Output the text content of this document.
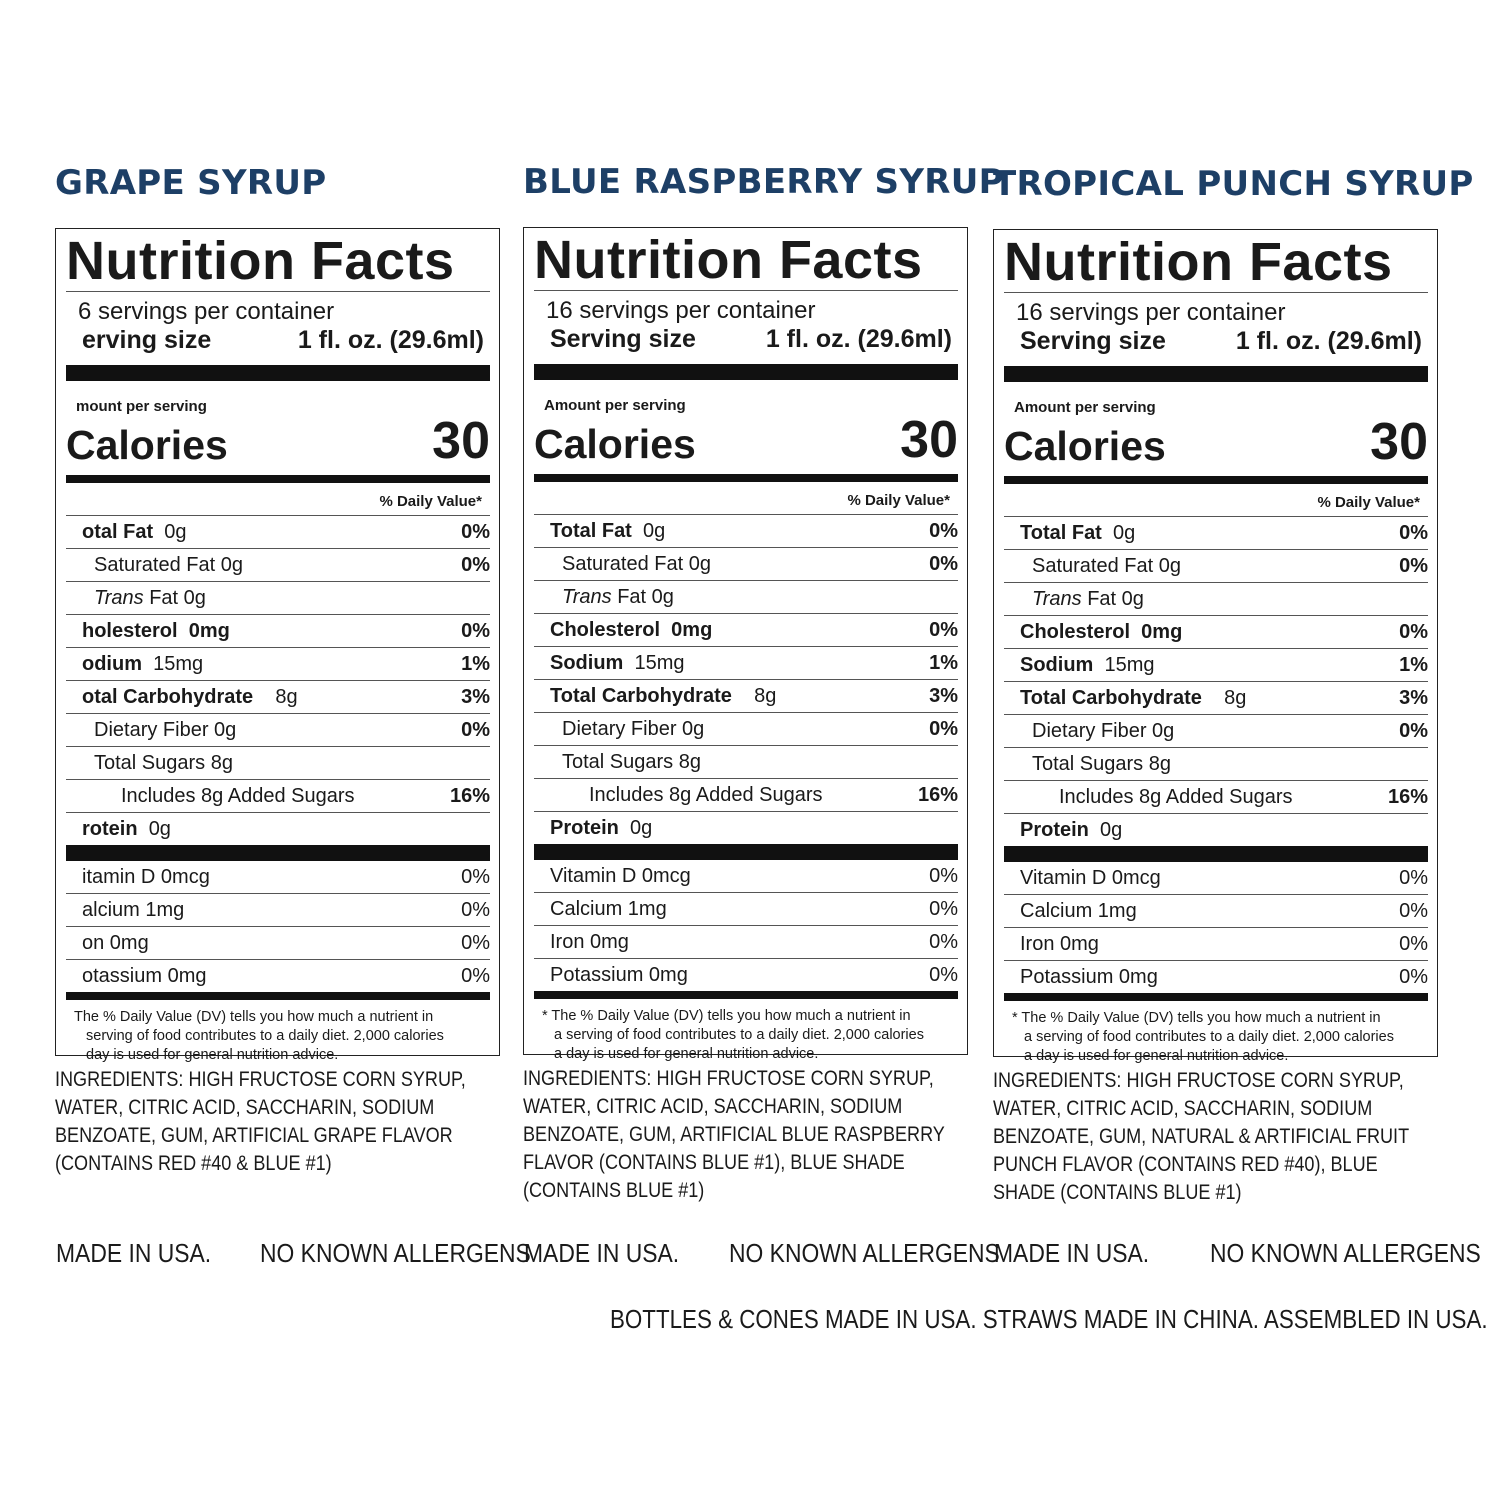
GRAPE SYRUP
Nutrition Facts
6 servings per container
erving size	1 fl. oz. (29.6ml)
mount per serving
Calories	30
% Daily Value*
otal Fat 0g	0%
Saturated Fat 0g	0%
Trans Fat 0g
holesterol 0mg	0%
odium 15mg	1%
otal Carbohydrate 8g	3%
Dietary Fiber 0g	0%
Total Sugars 8g
Includes 8g Added Sugars	16%
rotein 0g
itamin D 0mcg	0%
alcium 1mg	0%
on 0mg	0%
otassium 0mg	0%
The % Daily Value (DV) tells you how much a nutrient in
serving of food contributes to a daily diet. 2,000 calories
day is used for general nutrition advice.
INGREDIENTS: HIGH FRUCTOSE CORN SYRUP, WATER, CITRIC ACID, SACCHARIN, SODIUM BENZOATE, GUM, ARTIFICIAL GRAPE FLAVOR (CONTAINS RED #40 & BLUE #1)
BLUE RASPBERRY SYRUP
Nutrition Facts
16 servings per container
Serving size	1 fl. oz. (29.6ml)
Amount per serving
Calories	30
% Daily Value*
Total Fat 0g	0%
Saturated Fat 0g	0%
Trans Fat 0g
Cholesterol 0mg	0%
Sodium 15mg	1%
Total Carbohydrate 8g	3%
Dietary Fiber 0g	0%
Total Sugars 8g
Includes 8g Added Sugars	16%
Protein 0g
Vitamin D 0mcg	0%
Calcium 1mg	0%
Iron 0mg	0%
Potassium 0mg	0%
* The % Daily Value (DV) tells you how much a nutrient in
a serving of food contributes to a daily diet. 2,000 calories
a day is used for general nutrition advice.
INGREDIENTS: HIGH FRUCTOSE CORN SYRUP, WATER, CITRIC ACID, SACCHARIN, SODIUM BENZOATE, GUM, ARTIFICIAL BLUE RASPBERRY FLAVOR (CONTAINS BLUE #1), BLUE SHADE (CONTAINS BLUE #1)
TROPICAL PUNCH SYRUP
Nutrition Facts
16 servings per container
Serving size	1 fl. oz. (29.6ml)
Amount per serving
Calories	30
% Daily Value*
Total Fat 0g	0%
Saturated Fat 0g	0%
Trans Fat 0g
Cholesterol 0mg	0%
Sodium 15mg	1%
Total Carbohydrate 8g	3%
Dietary Fiber 0g	0%
Total Sugars 8g
Includes 8g Added Sugars	16%
Protein 0g
Vitamin D 0mcg	0%
Calcium 1mg	0%
Iron 0mg	0%
Potassium 0mg	0%
* The % Daily Value (DV) tells you how much a nutrient in
a serving of food contributes to a daily diet. 2,000 calories
a day is used for general nutrition advice.
INGREDIENTS: HIGH FRUCTOSE CORN SYRUP, WATER, CITRIC ACID, SACCHARIN, SODIUM BENZOATE, GUM, NATURAL & ARTIFICIAL FRUIT PUNCH FLAVOR (CONTAINS RED #40), BLUE SHADE (CONTAINS BLUE #1)
MADE IN USA. NO KNOWN ALLERGENS
MADE IN USA. NO KNOWN ALLERGENS
MADE IN USA. NO KNOWN ALLERGENS
BOTTLES & CONES MADE IN USA. STRAWS MADE IN CHINA. ASSEMBLED IN USA.
